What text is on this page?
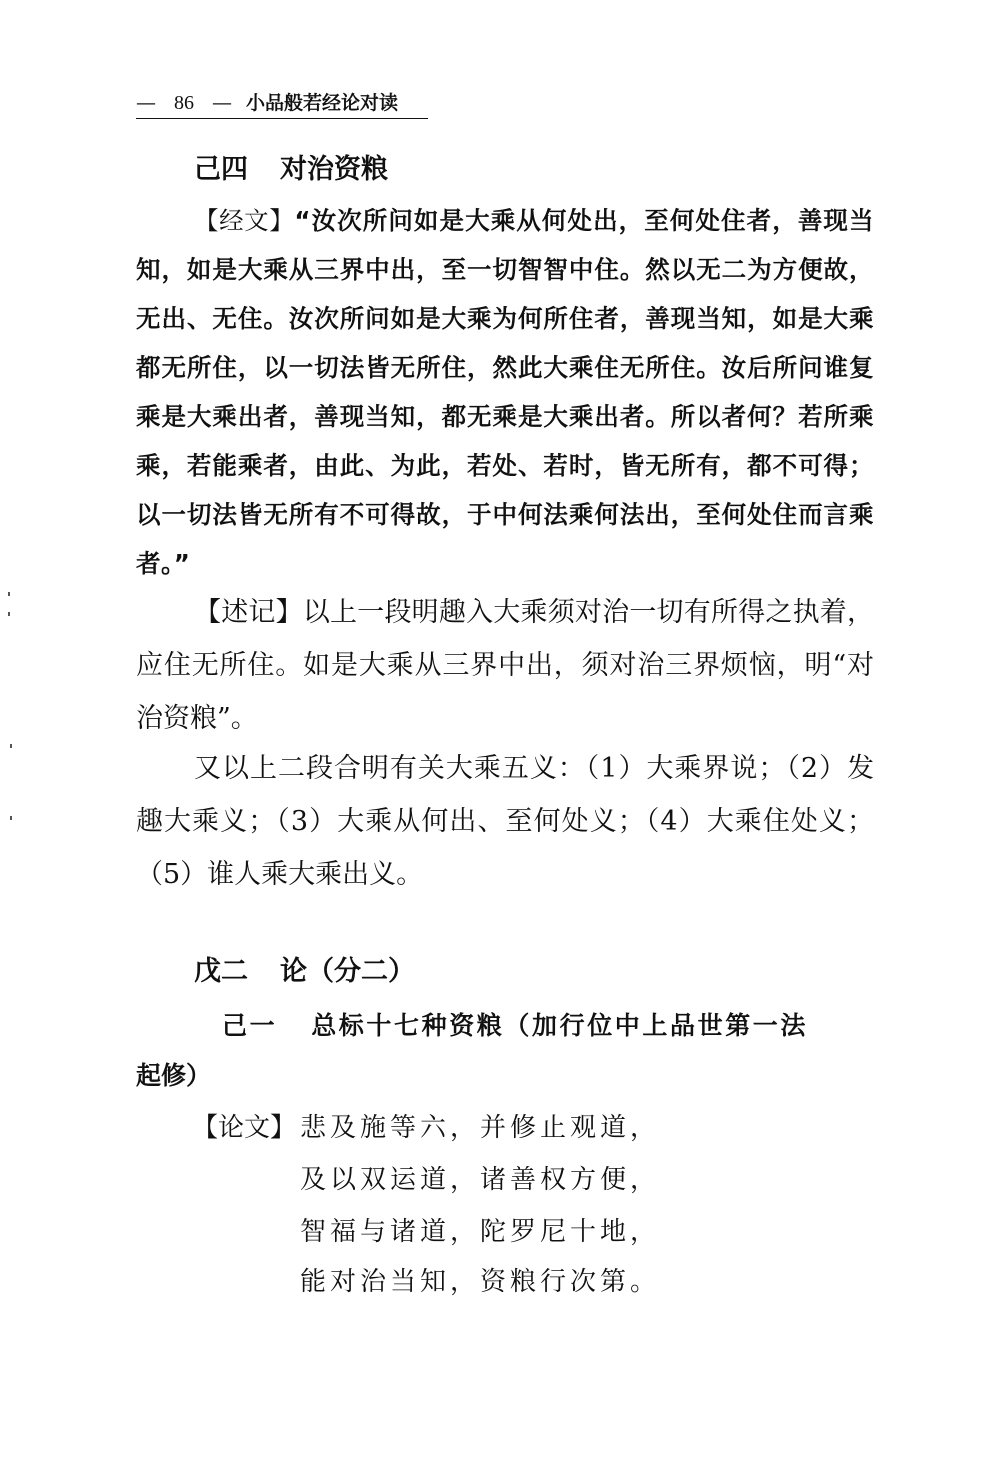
— 86 — 小品般若经论对读
己四 对治资粮

【经文】“汝次所问如是大乘从何处出，至何处住者，善现当知，如是大乘从三界中出，至一切智智中住。然以无二为方便故，无出、无住。汝次所问如是大乘为何所住者，善现当知，如是大乘都无所住，以一切法皆无所住，然此大乘住无所住。汝后所问谁复乘是大乘出者，善现当知，都无乘是大乘出者。所以者何？若所乘乘，若能乘者，由此、为此，若处、若时，皆无所有，都不可得；以一切法皆无所有不可得故，于中何法乘何法出，至何处住而言乘者。”

【述记】以上一段明趣入大乘须对治一切有所得之执着，应住无所住。如是大乘从三界中出，须对治三界烦恼，明“对治资粮”。

又以上二段合明有关大乘五义：（1）大乘界说；（2）发趣大乘义；（3）大乘从何出、至何处义；（4）大乘住处义；（5）谁人乘大乘出义。

戊二 论（分二）
己一 总标十七种资粮（加行位中上品世第一法
起修）
【论文】 悲及施等六，并修止观道，
及以双运道，诸善权方便，
智福与诸道，陀罗尼十地，
能对治当知，资粮行次第。
